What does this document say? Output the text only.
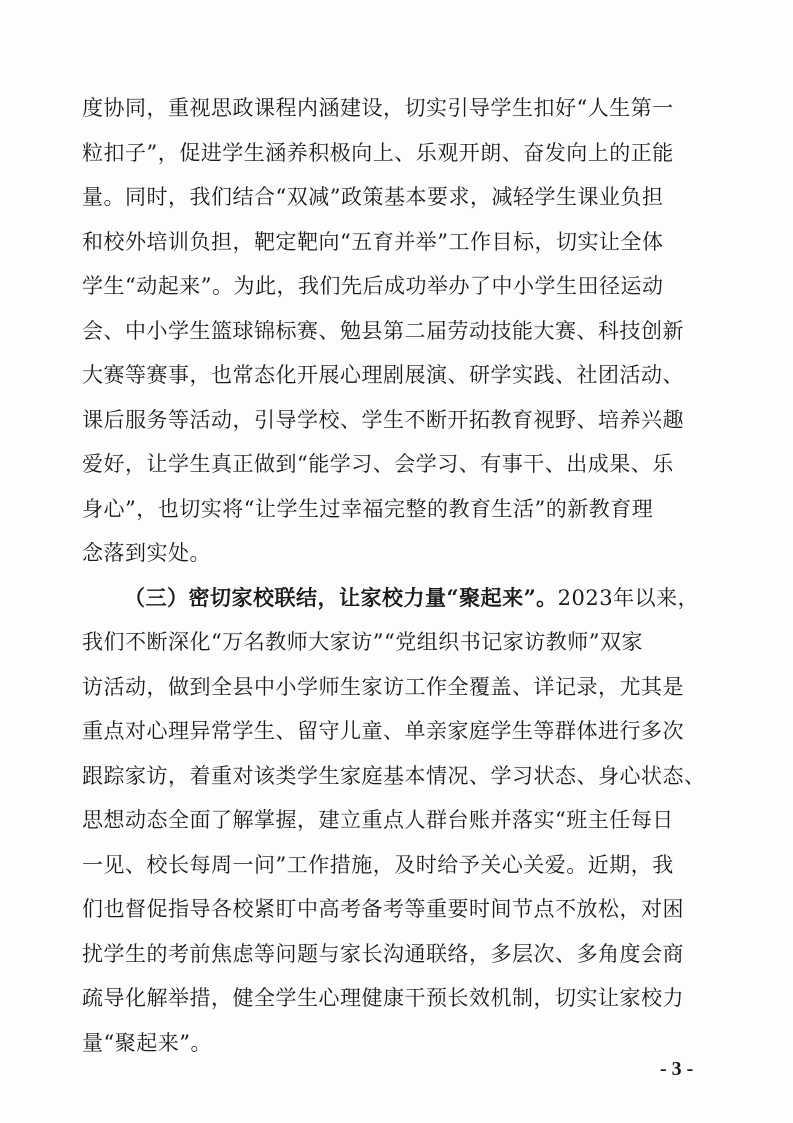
度协同，重视思政课程内涵建设，切实引导学生扣好“人生第一
粒扣子”，促进学生涵养积极向上、乐观开朗、奋发向上的正能
量。同时，我们结合“双减”政策基本要求，减轻学生课业负担
和校外培训负担，靶定靶向“五育并举”工作目标，切实让全体
学生“动起来”。为此，我们先后成功举办了中小学生田径运动
会、中小学生篮球锦标赛、勉县第二届劳动技能大赛、科技创新
大赛等赛事，也常态化开展心理剧展演、研学实践、社团活动、
课后服务等活动，引导学校、学生不断开拓教育视野、培养兴趣
爱好，让学生真正做到“能学习、会学习、有事干、出成果、乐
身心”，也切实将“让学生过幸福完整的教育生活”的新教育理
念落到实处。
（三）密切家校联结，让家校力量“聚起来”。2023年以来，
我们不断深化“万名教师大家访”“党组织书记家访教师”双家
访活动，做到全县中小学师生家访工作全覆盖、详记录，尤其是
重点对心理异常学生、留守儿童、单亲家庭学生等群体进行多次
跟踪家访，着重对该类学生家庭基本情况、学习状态、身心状态、
思想动态全面了解掌握，建立重点人群台账并落实“班主任每日
一见、校长每周一问”工作措施，及时给予关心关爱。近期，我
们也督促指导各校紧盯中高考备考等重要时间节点不放松，对困
扰学生的考前焦虑等问题与家长沟通联络，多层次、多角度会商
疏导化解举措，健全学生心理健康干预长效机制，切实让家校力
量“聚起来”。
- 3 -
